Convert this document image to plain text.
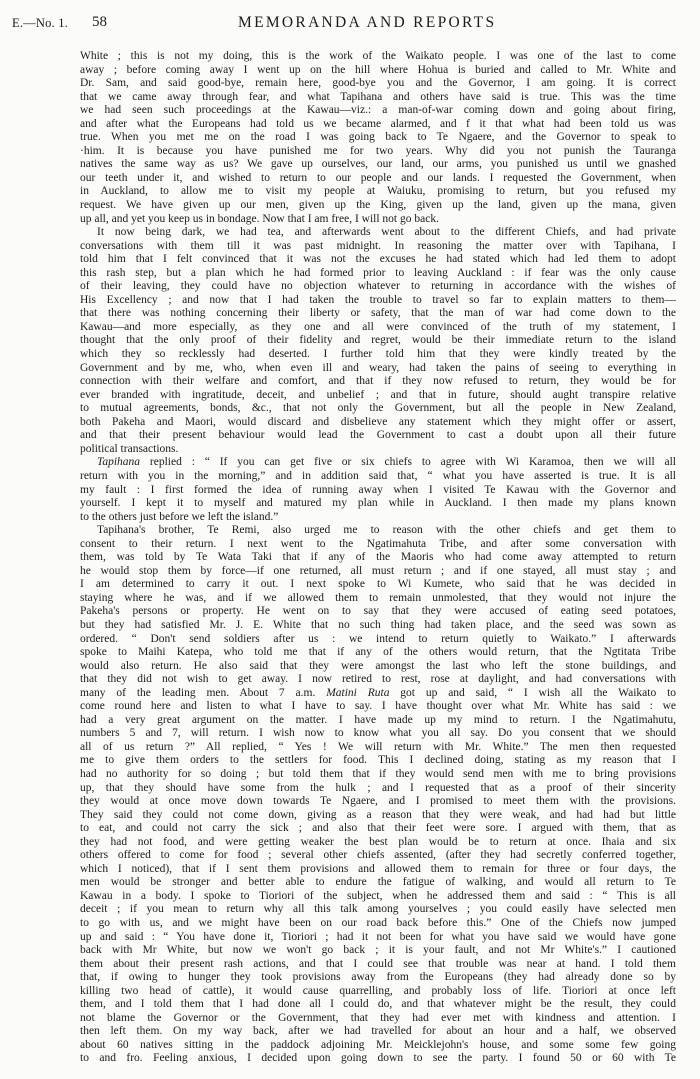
E.—No. 1. 58	MEMORANDA AND REPORTS
White ; this is not my doing, this is the work of the Waikato people. I was one of the last to come
away ; before coming away I went up on the hill where Hohua is buried and called to Mr. White and
Dr. Sam, and said good-bye, remain here, good-bye you and the Governor, I am going. It is correct
that we came away through fear, and what Tapihana and others have said is true. This was the time
we had seen such proceedings at the Kawau—viz.: a man-of-war coming down and going about firing,
and after what the Europeans had told us we became alarmed, and f it that what had been told us was
true. When you met me on the road I was going back to Te Ngaere, and the Governor to speak to
·him. It is because you have punished me for two years. Why did you not punish the Tauranga
natives the same way as us? We gave up ourselves, our land, our arms, you punished us until we gnashed
our teeth under it, and wished to return to our people and our lands. I requested the Government, when
in Auckland, to allow me to visit my people at Waiuku, promising to return, but you refused my
request. We have given up our men, given up the King, given up the land, given up the mana, given
up all, and yet you keep us in bondage. Now that I am free, I will not go back.
It now being dark, we had tea, and afterwards went about to the different Chiefs, and had private
conversations with them till it was past midnight. In reasoning the matter over with Tapihana, I
told him that I felt convinced that it was not the excuses he had stated which had led them to adopt
this rash step, but a plan which he had formed prior to leaving Auckland : if fear was the only cause
of their leaving, they could have no objection whatever to returning in accordance with the wishes of
His Excellency ; and now that I had taken the trouble to travel so far to explain matters to them—
that there was nothing concerning their liberty or safety, that the man of war had come down to the
Kawau—and more especially, as they one and all were convinced of the truth of my statement, I
thought that the only proof of their fidelity and regret, would be their immediate return to the island
which they so recklessly had deserted. I further told him that they were kindly treated by the
Government and by me, who, when even ill and weary, had taken the pains of seeing to everything in
connection with their welfare and comfort, and that if they now refused to return, they would be for
ever branded with ingratitude, deceit, and unbelief ; and that in future, should aught transpire relative
to mutual agreements, bonds, &c., that not only the Government, but all the people in New Zealand,
both Pakeha and Maori, would discard and disbelieve any statement which they might offer or assert,
and that their present behaviour would lead the Government to cast a doubt upon all their future
political transactions.
Tapihana replied : “ If you can get five or six chiefs to agree with Wi Karamoa, then we will all
return with you in the morning,” and in addition said that, “ what you have asserted is true. It is all
my fault : I first formed the idea of running away when I visited Te Kawau with the Governor and
yourself. I kept it to myself and matured my plan while in Auckland. I then made my plans known
to the others just before we left the island.”
Tapihana's brother, Te Remi, also urged me to reason with the other chiefs and get them to
consent to their return. I next went to the Ngatimahuta Tribe, and after some conversation with
them, was told by Te Wata Taki that if any of the Maoris who had come away attempted to return
he would stop them by force—if one returned, all must return ; and if one stayed, all must stay ; and
I am determined to carry it out. I next spoke to Wi Kumete, who said that he was decided in
staying where he was, and if we allowed them to remain unmolested, that they would not injure the
Pakeha's persons or property. He went on to say that they were accused of eating seed potatoes,
but they had satisfied Mr. J. E. White that no such thing had taken place, and the seed was sown as
ordered. “ Don't send soldiers after us : we intend to return quietly to Waikato.” I afterwards
spoke to Maihi Katepa, who told me that if any of the others would return, that the Ngtitata Tribe
would also return. He also said that they were amongst the last who left the stone buildings, and
that they did not wish to get away. I now retired to rest, rose at daylight, and had conversations with
many of the leading men. About 7 a.m. Matini Ruta got up and said, “ I wish all the Waikato to
come round here and listen to what I have to say. I have thought over what Mr. White has said : we
had a very great argument on the matter. I have made up my mind to return. I the Ngatimahutu,
numbers 5 and 7, will return. I wish now to know what you all say. Do you consent that we should
all of us return ?” All replied, “ Yes ! We will return with Mr. White.” The men then requested
me to give them orders to the settlers for food. This I declined doing, stating as my reason that I
had no authority for so doing ; but told them that if they would send men with me to bring provisions
up, that they should have some from the hulk ; and I requested that as a proof of their sincerity
they would at once move down towards Te Ngaere, and I promised to meet them with the provisions.
They said they could not come down, giving as a reason that they were weak, and had had but little
to eat, and could not carry the sick ; and also that their feet were sore. I argued with them, that as
they had not food, and were getting weaker the best plan would be to return at once. Ihaia and six
others offered to come for food ; several other chiefs assented, (after they had secretly conferred together,
which I noticed), that if I sent them provisions and allowed them to remain for three or four days, the
men would be stronger and better able to endure the fatigue of walking, and would all return to Te
Kawau in a body. I spoke to Tioriori of the subject, when he addressed them and said : “ This is all
deceit ; if you mean to return why all this talk among yourselves ; you could easily have selected men
to go with us, and we might have been on our road back before this.” One of the Chiefs now jumped
up and said : “ You have done it, Tioriori ; had it not been for what you have said we would have gone
back with Mr White, but now we won't go back ; it is your fault, and not Mr White's.” I cautioned
them about their present rash actions, and that I could see that trouble was near at hand. I told them
that, if owing to hunger they took provisions away from the Europeans (they had already done so by
killing two head of cattle), it would cause quarrelling, and probably loss of life. Tioriori at once left
them, and I told them that I had done all I could do, and that whatever might be the result, they could
not blame the Governor or the Government, that they had ever met with kindness and attention. I
then left them. On my way back, after we had travelled for about an hour and a half, we observed
about 60 natives sitting in the paddock adjoining Mr. Meicklejohn's house, and some some few going
to and fro. Feeling anxious, I decided upon going down to see the party. I found 50 or 60 with Te
